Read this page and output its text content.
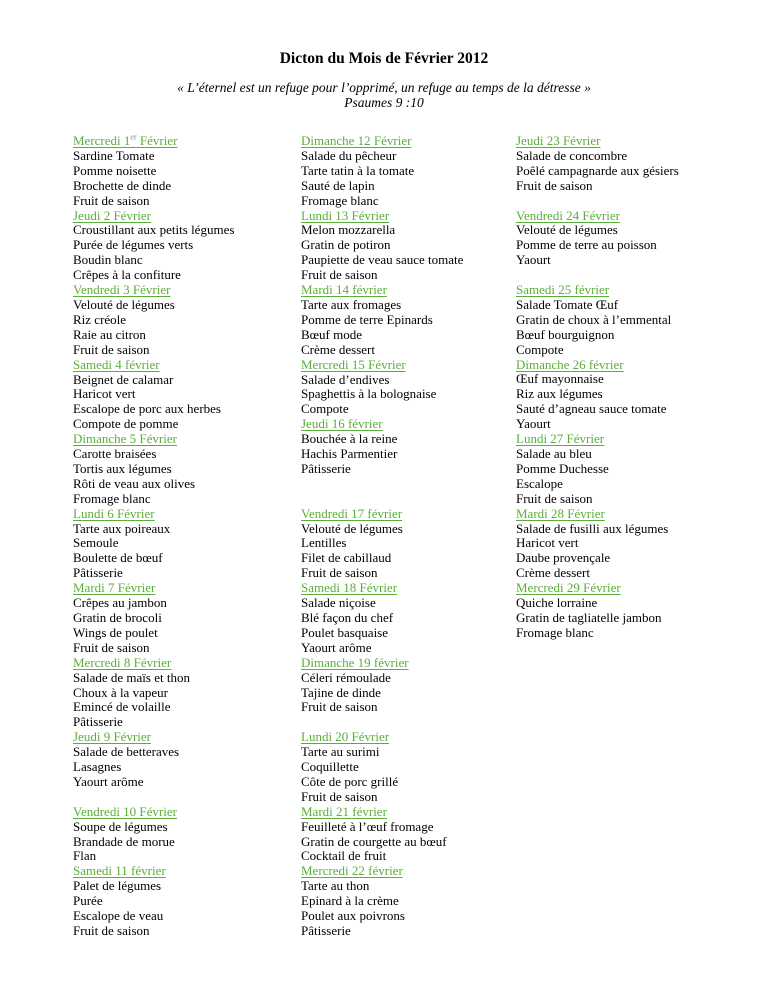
Dicton du Mois de Février 2012
« L’éternel est un refuge pour l’opprimé, un refuge au temps de la détresse »
Psaumes 9 :10
Mercredi 1er Février
Sardine Tomate
Pomme noisette
Brochette de dinde
Fruit de saison
Jeudi 2 Février
Croustillant aux petits légumes
Purée de légumes verts
Boudin blanc
Crêpes à la confiture
Vendredi 3 Février
Velouté de légumes
Riz créole
Raie au citron
Fruit de saison
Samedi 4 février
Beignet de calamar
Haricot vert
Escalope de porc aux herbes
Compote de pomme
Dimanche 5 Février
Carotte braisées
Tortis aux légumes
Rôti de veau aux olives
Fromage blanc
Lundi 6 Février
Tarte aux poireaux
Semoule
Boulette de bœuf
Pâtisserie
Mardi 7 Février
Crêpes au jambon
Gratin de brocoli
Wings de poulet
Fruit de saison
Mercredi 8 Février
Salade de maïs et thon
Choux à la vapeur
Emincé de volaille
Pâtisserie
Jeudi 9 Février
Salade de betteraves
Lasagnes
Yaourt arôme
Vendredi 10 Février
Soupe de légumes
Brandade de morue
Flan
Samedi 11 février
Palet de légumes
Purée
Escalope de veau
Fruit de saison
Dimanche 12 Février
Salade du pêcheur
Tarte tatin à la tomate
Sauté de lapin
Fromage blanc
Lundi 13 Février
Melon mozzarella
Gratin de potiron
Paupiette de veau sauce tomate
Fruit de saison
Mardi 14 février
Tarte aux fromages
Pomme de terre Epinards
Bœuf mode
Crème dessert
Mercredi 15 Février
Salade d’endives
Spaghettis à la bolognaise
Compote
Jeudi 16 février
Bouchée à la reine
Hachis Parmentier
Pâtisserie
Vendredi 17 février
Velouté de légumes
Lentilles
Filet de cabillaud
Fruit de saison
Samedi 18 Février
Salade niçoise
Blé façon du chef
Poulet basquaise
Yaourt arôme
Dimanche 19 février
Céleri rémoulade
Tajine de dinde
Fruit de saison
Lundi 20 Février
Tarte au surimi
Coquillette
Côte de porc grillé
Fruit de saison
Mardi 21 février
Feuilleté à l’œuf fromage
Gratin de courgette au bœuf
Cocktail de fruit
Mercredi 22 février
Tarte au thon
Epinard à la crème
Poulet aux poivrons
Pâtisserie
Jeudi 23 Février
Salade de concombre
Poêlé campagnarde aux gésiers
Fruit de saison
Vendredi 24 Février
Velouté de légumes
Pomme de terre au poisson
Yaourt
Samedi 25 février
Salade Tomate Œuf
Gratin de choux à l’emmental
Bœuf bourguignon
Compote
Dimanche 26 février
Œuf mayonnaise
Riz aux légumes
Sauté d’agneau sauce tomate
Yaourt
Lundi 27 Février
Salade au bleu
Pomme Duchesse
Escalope
Fruit de saison
Mardi 28 Février
Salade de fusilli aux légumes
Haricot vert
Daube provençale
Crème dessert
Mercredi 29 Février
Quiche lorraine
Gratin de tagliatelle jambon
Fromage blanc
